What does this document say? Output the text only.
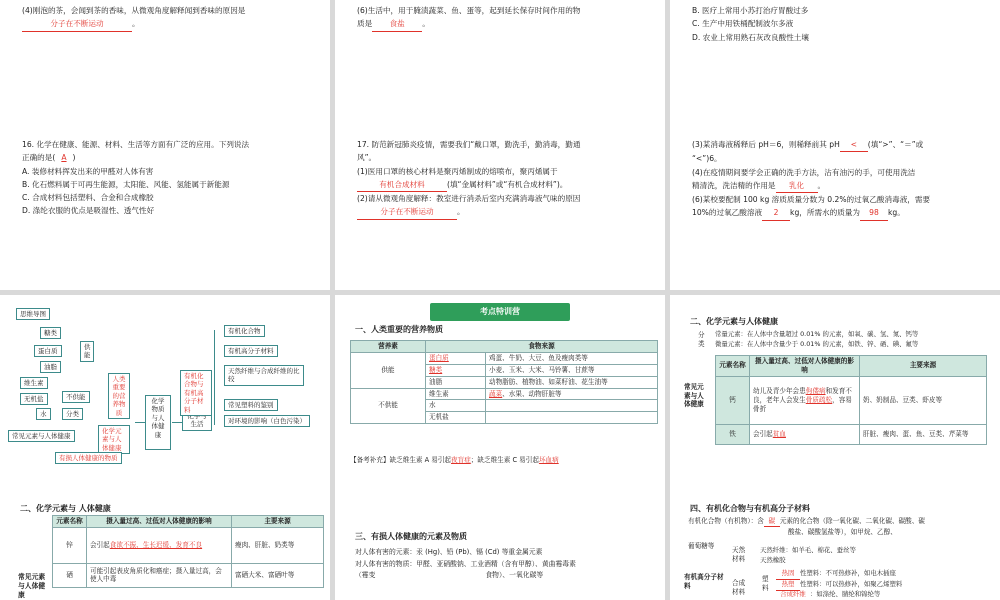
(4)刚泡的茶，会闻到茶的香味，从微观角度解释闻到香味的原因是
分子在不断运动	。
(6)生活中，用于腌渍蔬菜、鱼、蛋等，起到延长保存时间作用的物
质是 食盐 。
B. 医疗上常用小苏打治疗胃酸过多
C. 生产中用铁桶配制波尔多液
D. 农业上常用熟石灰改良酸性土壤
16. 化学在健康、能源、材料、生活等方面有广泛的应用。下列说法
正确的是( A )
A. 装修材料挥发出来的甲醛对人体有害
B. 化石燃料属于可再生能源，太阳能、风能、氢能属于新能源
C. 合成材料包括塑料、合金和合成橡胶
D. 涤纶衣服的优点是吸湿性、透气性好
17. 防范新冠肺炎疫情，需要我们“戴口罩，勤洗手，勤消毒，勤通
风”。
(1)医用口罩的核心材料是聚丙烯制成的熔喷布，聚丙烯属于
有机合成材料	(填“金属材料”或“有机合成材料”)。
(2)请从微观角度解释：教室进行消杀后室内充满消毒液气味的原因
分子在不断运动	。
(3)某消毒液稀释后 pH＝6，则稀释前其 pH < (填“>”、“＝”或
“<”)6。
(4)在疫情期间要学会正确的洗手方法，沾有油污的手，可使用洗洁
精清洗，洗洁精的作用是 乳化 。
(6)某校要配制 100 kg 溶质质量分数为 0.2%的过氧乙酸消毒液，需要
10%的过氧乙酸溶液 2 kg，所需水的质量为 98 kg。
思维导图
糖类
蛋白质
油脂
供能
维生素
无机盐
水
不供能
分类
人类重要的营养物质
常见元素与人体健康
化学元素与人体健康
有损人体健康的物质
化学物质与人体健康
生活
有机化合物与有机高分子材料
有机化合物
有机高分子材料
天然纤维与合成纤维的比较
常见塑料的鉴别
对环境的影响（白色污染）
考点特训营
一、人类重要的营养物质
营养素	食物来源	
供能	蛋白质	鸡蛋、牛奶、大豆、鱼及瘦肉类等
	糖类	小麦、玉米、大米、马铃薯、甘蔗等
	油脂	动物脂肪、植物油、如菜籽油、花生油等
不供能	维生素	蔬菜、水果、动物肝脏等
	水	
	无机盐	
【备考补充】缺乏维生素 A 易引起夜盲症；缺乏维生素 C 易引起坏血病
二、化学元素与人体健康
分类
常量元素：在人体中含量超过 0.01% 的元素，如氧、碳、氢、氮、钙等
微量元素：在人体中含量少于 0.01% 的元素，如铁、锌、硒、碘、氟等
常见元素与人体健康
元素名称	摄入量过高、过低对人体健康的影响	主要来源
钙	幼儿及青少年会患佝偻病和发育不良，老年人会发生骨质疏松，容易骨折	奶、奶制品、豆类、虾皮等
铁	会引起贫血	肝脏、瘦肉、蛋、鱼、豆类、芹菜等
二、化学元素与 人体健康
常见元素与人体健康
元素名称	摄入量过高、过低对人体健康的影响	主要来源
锌	会引起食欲不振、生长迟缓、发育不良	瘦肉、肝脏、奶类等
硒	可能引起表皮角质化和癌症；摄入量过高，会使人中毒	富硒大米、富硒叶等
三、有损人体健康的元素及物质
对人体有害的元素：汞 (Hg)、铅 (Pb)、镉 (Cd) 等重金属元素
对人体有害的物质：甲醛、亚硝酸钠、工业酒精（含有甲醇）、黄曲霉毒素
（霉变	食物）、一氧化碳等
四、有机化合物与有机高分子材料
有机化合物（有机物）：含 碳 元素的化合物（除一氧化碳、二氧化碳、碳酸、碳
酸盐、碳酸氢盐等），如甲烷、乙醇、
葡萄糖等
有机高分子材料
天然材料
天然纤维：如羊毛、棉花、蚕丝等
天然橡胶
合成材料
塑料
热固 性塑料：不可热修补，如电木插座
热塑 性塑料：可以热修补，如聚乙烯塑料
合成纤维 ：如涤纶、腈纶和锦纶等
